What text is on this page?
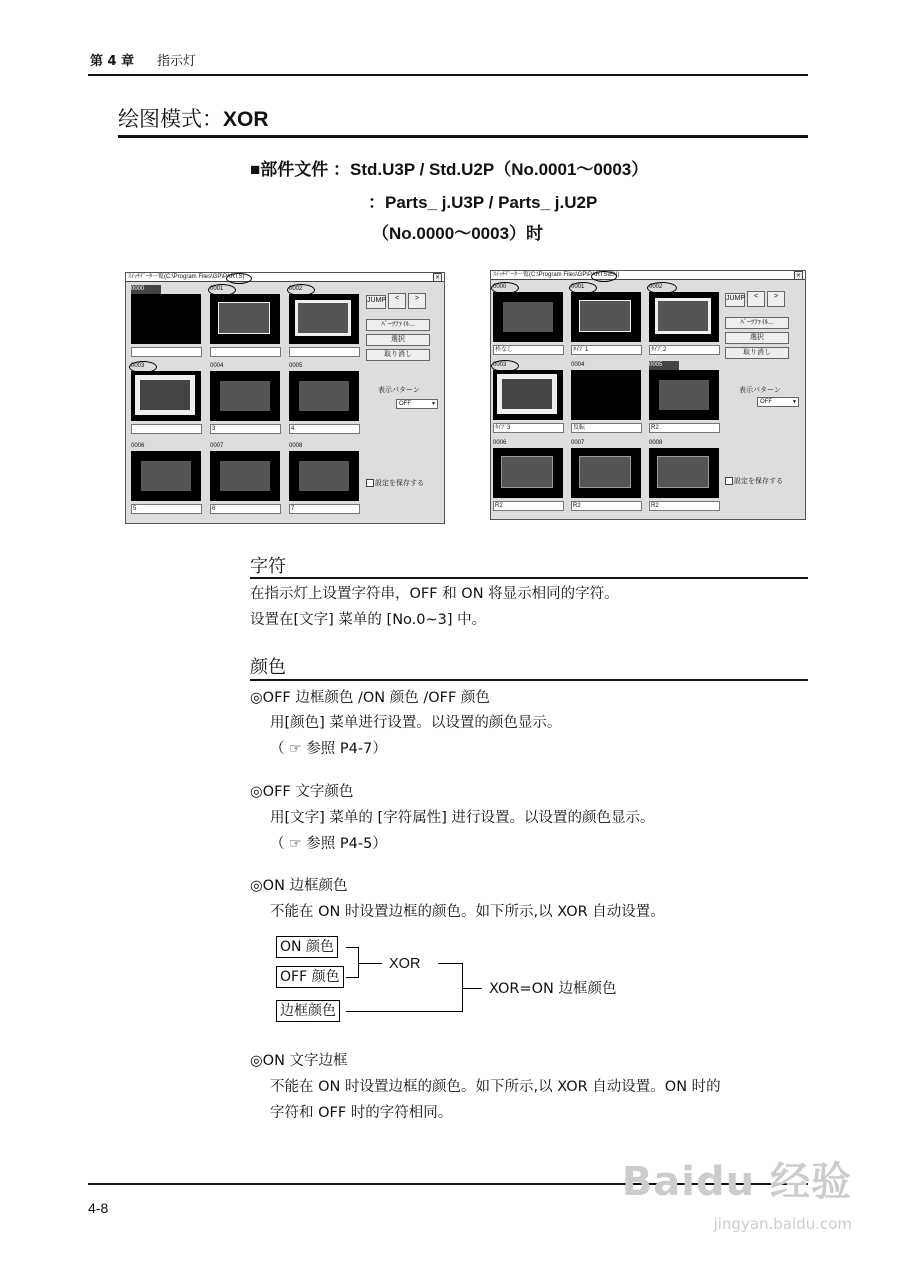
第 4 章 指示灯
绘图模式：XOR
■部件文件 ：Std.U3P / Std.U2P（No.0001～0003）
：Parts_ j.U3P / Parts_ j.U2P
（No.0000～0003）时
ｽｲｯﾁﾃﾞｰﾀ一覧(C:\Program Files\GP\PARTS)	×
0000	0001	0002
0003	0004
3
0005
4
0006
5
0007
6
0008
7
JUMP	<	>
ﾊﾟｰﾂﾌｧｲﾙ...
選択
取り消し
表示パターン
OFF	▼
設定を保存する
ｽｲｯﾁﾃﾞｰﾀ一覧(C:\Program Files\GP\PARTS\EN)	×
0000
枠なし
0001
ﾀｲﾌﾟ1
0002
ﾀｲﾌﾟ2
0003
ﾀｲﾌﾟ3
0004
反転
0005
R2
0006
R2
0007
R2
0008
R2
JUMP	<	>
ﾊﾟｰﾂﾌｧｲﾙ...
選択
取り消し
表示パターン
OFF	▼
設定を保存する
字符
在指示灯上设置字符串，OFF 和 ON 将显示相同的字符。
设置在[文字] 菜单的 [No.0~3] 中。
颜色
◎OFF 边框颜色 /ON 颜色 /OFF 颜色
用[颜色] 菜单进行设置。以设置的颜色显示。
（ ☞ 参照 P4-7）
◎OFF 文字颜色
用[文字] 菜单的 [字符属性] 进行设置。以设置的颜色显示。
（ ☞ 参照 P4-5）
◎ON 边框颜色
不能在 ON 时设置边框的颜色。如下所示,以 XOR 自动设置。
ON 颜色
OFF 颜色
边框颜色
XOR
XOR=ON 边框颜色
◎ON 文字边框
不能在 ON 时设置边框的颜色。如下所示,以 XOR 自动设置。ON 时的
字符和 OFF 时的字符相同。
4-8
Baidu 经验
jingyan.baidu.com
